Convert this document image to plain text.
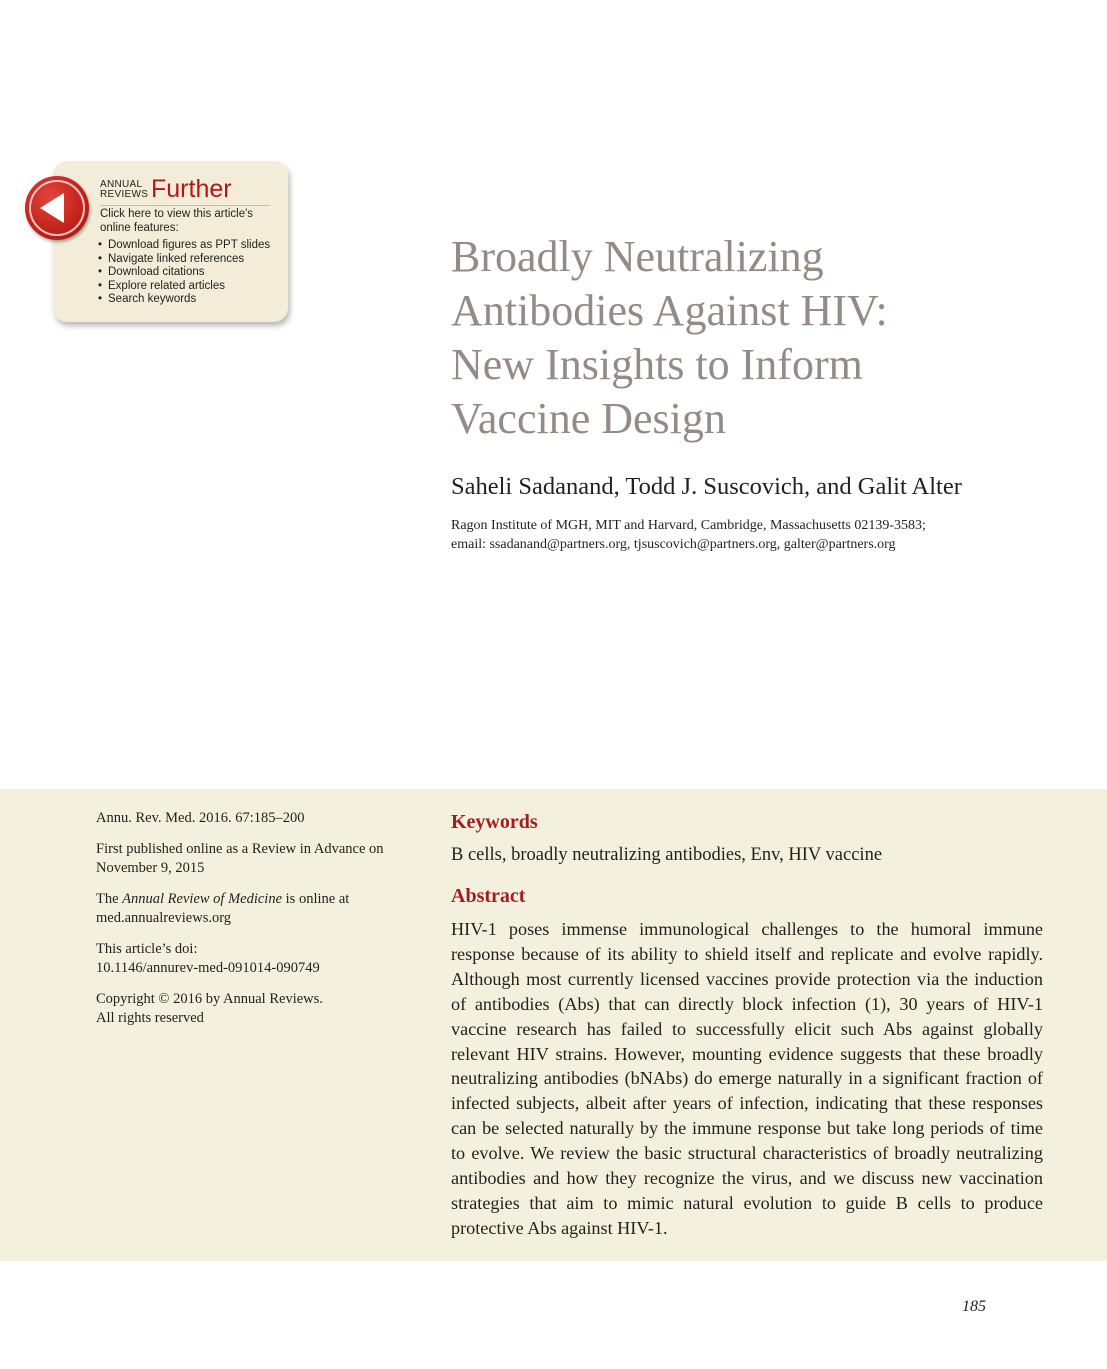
ANNUAL
REVIEWS Further
Click here to view this article's online features:
• Download figures as PPT slides
• Navigate linked references
• Download citations
• Explore related articles
• Search keywords
Broadly Neutralizing
Antibodies Against HIV:
New Insights to Inform
Vaccine Design
Saheli Sadanand, Todd J. Suscovich, and Galit Alter
Ragon Institute of MGH, MIT and Harvard, Cambridge, Massachusetts 02139-3583;
email: ssadanand@partners.org, tjsuscovich@partners.org, galter@partners.org

Annu. Rev. Med. 2016. 67:185–200

First published online as a Review in Advance on November 9, 2015

The Annual Review of Medicine is online at med.annualreviews.org

This article’s doi:
10.1146/annurev-med-091014-090749

Copyright © 2016 by Annual Reviews.
All rights reserved

Keywords
B cells, broadly neutralizing antibodies, Env, HIV vaccine
Abstract

HIV-1 poses immense immunological challenges to the humoral immune response because of its ability to shield itself and replicate and evolve rapidly. Although most currently licensed vaccines provide protection via the induction of antibodies (Abs) that can directly block infection (1), 30 years of HIV-1 vaccine research has failed to successfully elicit such Abs against globally relevant HIV strains. However, mounting evidence suggests that these broadly neutralizing antibodies (bNAbs) do emerge naturally in a significant fraction of infected subjects, albeit after years of infection, indicating that these responses can be selected naturally by the immune response but take long periods of time to evolve. We review the basic structural characteristics of broadly neutralizing antibodies and how they recognize the virus, and we discuss new vaccination strategies that aim to mimic natural evolution to guide B cells to produce protective Abs against HIV-1.

185
